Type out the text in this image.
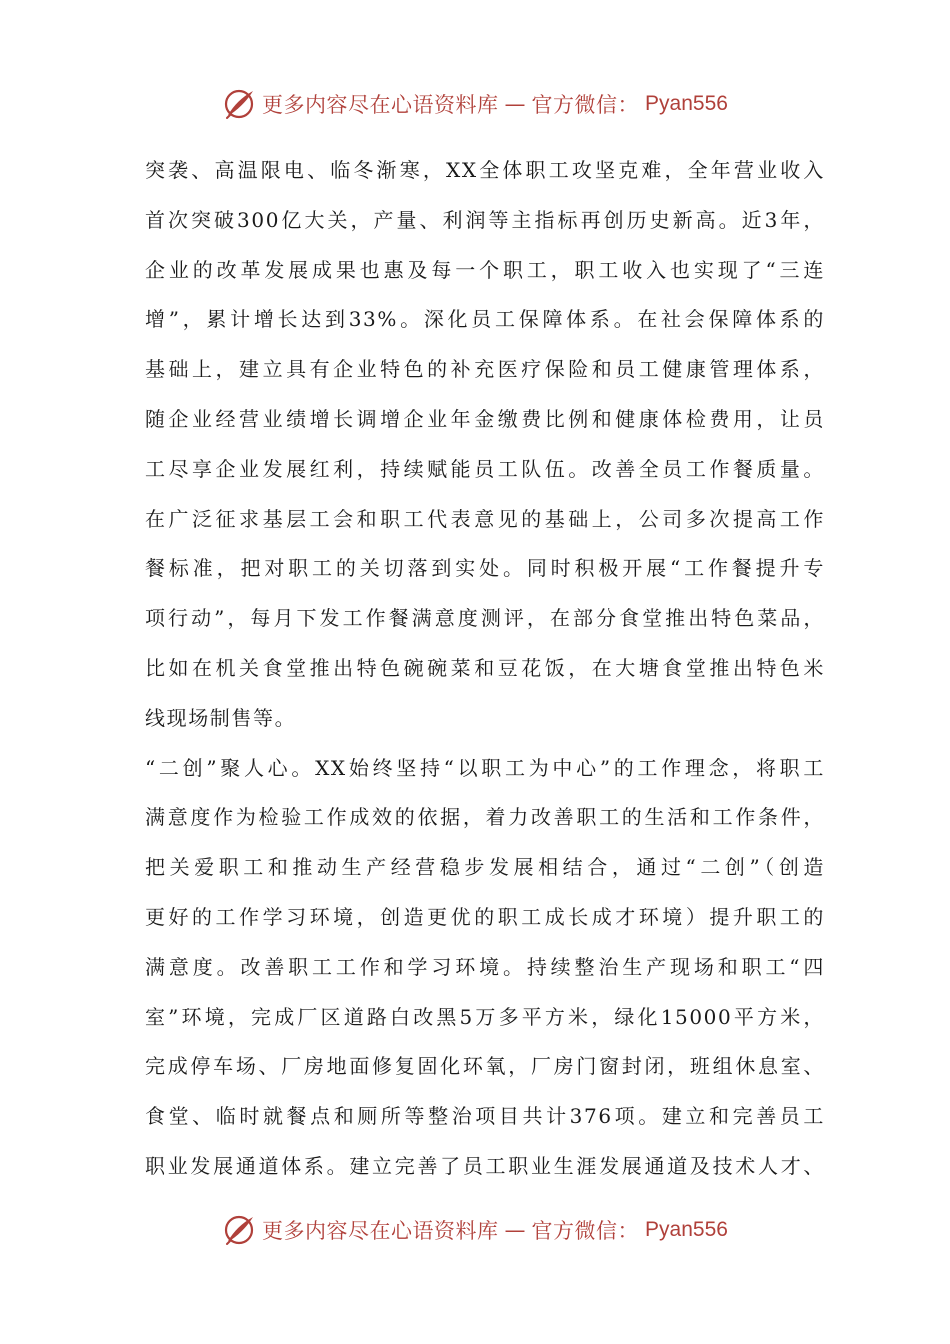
更多内容尽在心语资料库 — 官方微信： Pyan556
突袭、高温限电、临冬渐寒，XX全体职工攻坚克难，全年营业收入
首次突破300亿大关，产量、利润等主指标再创历史新高。近3年，
企业的改革发展成果也惠及每一个职工，职工收入也实现了“三连
增”，累计增长达到33%。深化员工保障体系。在社会保障体系的
基础上，建立具有企业特色的补充医疗保险和员工健康管理体系，
随企业经营业绩增长调增企业年金缴费比例和健康体检费用，让员
工尽享企业发展红利，持续赋能员工队伍。改善全员工作餐质量。
在广泛征求基层工会和职工代表意见的基础上，公司多次提高工作
餐标准，把对职工的关切落到实处。同时积极开展“工作餐提升专
项行动”，每月下发工作餐满意度测评，在部分食堂推出特色菜品，
比如在机关食堂推出特色碗碗菜和豆花饭，在大塘食堂推出特色米
线现场制售等。
“二创”聚人心。XX始终坚持“以职工为中心”的工作理念，将职工
满意度作为检验工作成效的依据，着力改善职工的生活和工作条件，
把关爱职工和推动生产经营稳步发展相结合，通过“二创”（创造
更好的工作学习环境，创造更优的职工成长成才环境）提升职工的
满意度。改善职工工作和学习环境。持续整治生产现场和职工“四
室”环境，完成厂区道路白改黑5万多平方米，绿化15000平方米，
完成停车场、厂房地面修复固化环氧，厂房门窗封闭，班组休息室、
食堂、临时就餐点和厕所等整治项目共计376项。建立和完善员工
职业发展通道体系。建立完善了员工职业生涯发展通道及技术人才、
更多内容尽在心语资料库 — 官方微信： Pyan556
